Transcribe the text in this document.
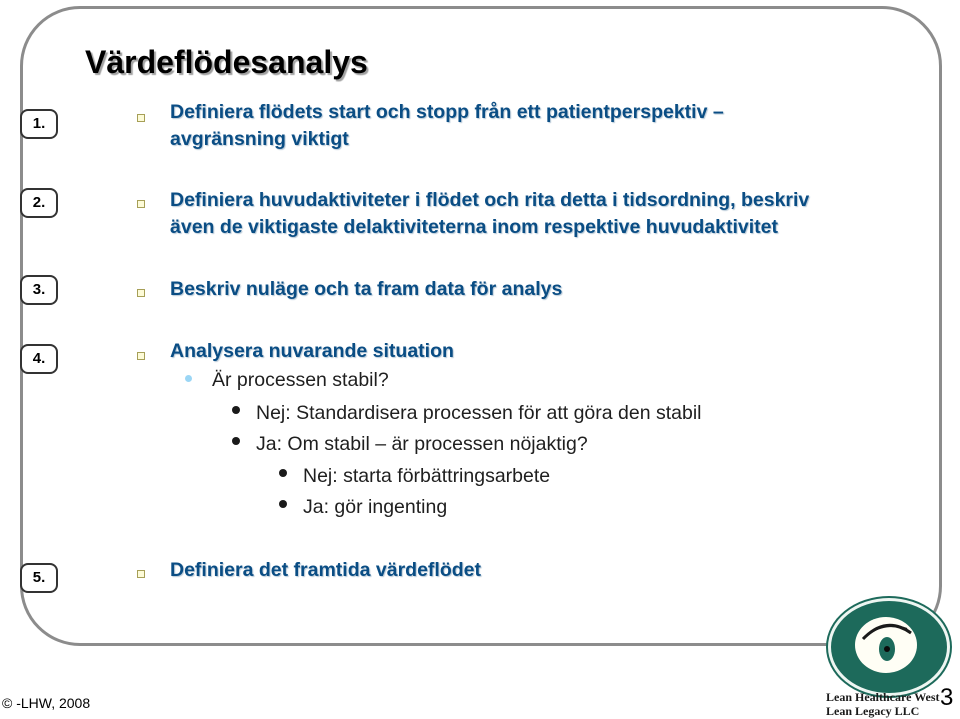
Värdeflödesanalys
1.
Definiera flödets start och stopp från ett patientperspektiv –
avgränsning viktigt
2.	Definiera huvudaktiviteter i flödet och rita detta i tidsordning, beskriv
även de viktigaste delaktiviteterna inom respektive huvudaktivitet
3.	Beskriv nuläge och ta fram data för analys
4.	Analysera nuvarande situation
Är processen stabil?
Nej: Standardisera processen för att göra den stabil
Ja: Om stabil – är processen nöjaktig?
Nej: starta förbättringsarbete
Ja: gör ingenting
5.	Definiera det framtida värdeflödet
© -LHW, 2008	Lean Healthcare West
Lean Legacy LLC 3
